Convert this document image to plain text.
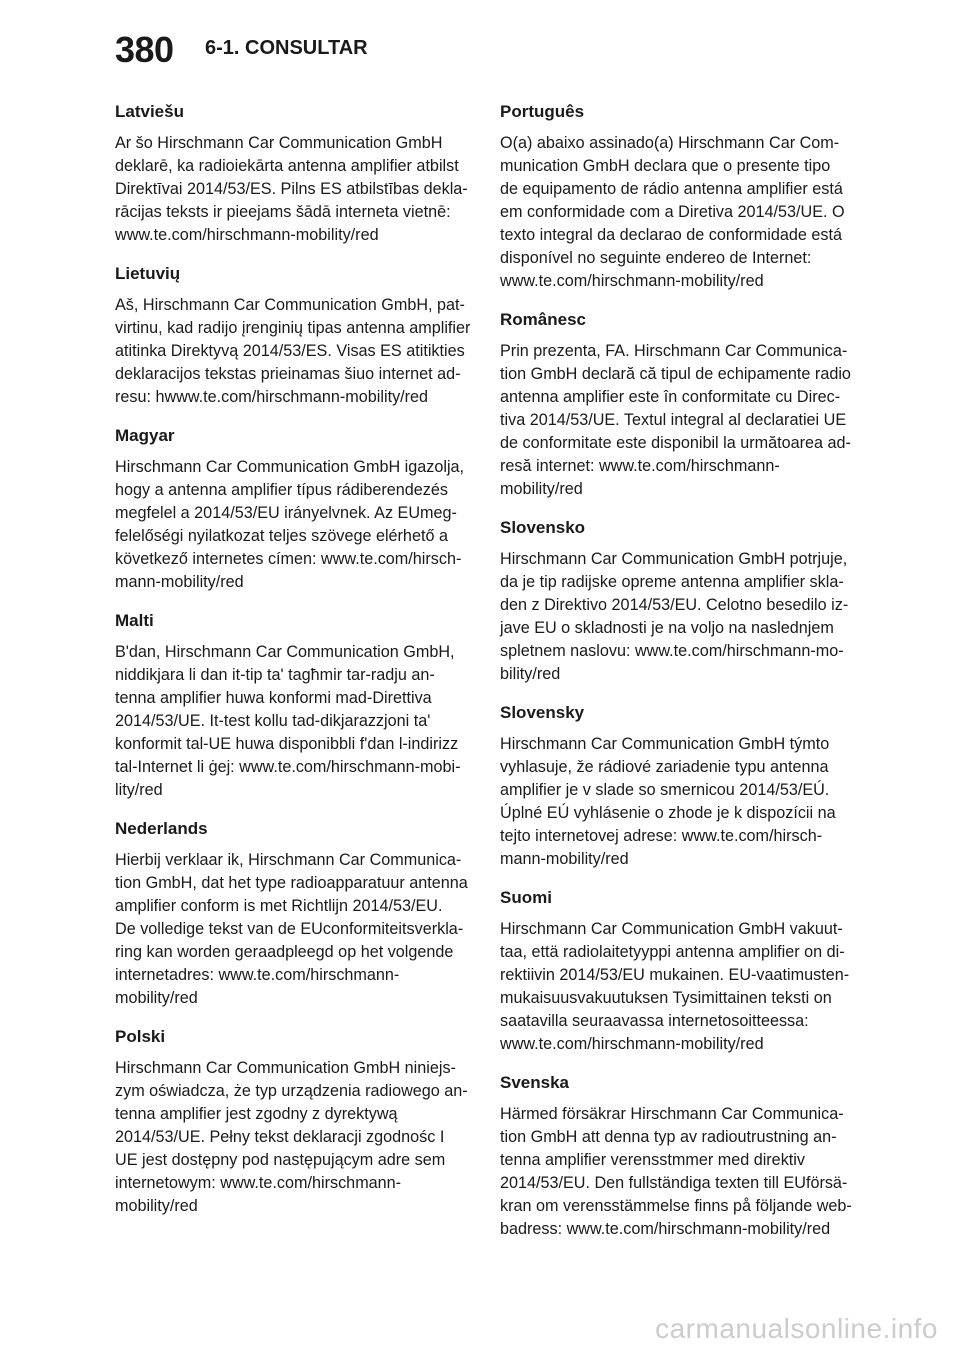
380 6-1. CONSULTAR
Latviešu
Ar šo Hirschmann Car Communication GmbH
deklarē, ka radioiekārta antenna amplifier atbilst
Direktīvai 2014/53/ES. Pilns ES atbilstības dekla-
rācijas teksts ir pieejams šādā interneta vietnē:
www.te.com/hirschmann-mobility/red
Lietuvių
Aš, Hirschmann Car Communication GmbH, pat-
virtinu, kad radijo įrenginių tipas antenna amplifier
atitinka Direktyvą 2014/53/ES. Visas ES atitikties
deklaracijos tekstas prieinamas šiuo internet ad-
resu: hwww.te.com/hirschmann-mobility/red
Magyar
Hirschmann Car Communication GmbH igazolja,
hogy a antenna amplifier típus rádiberendezés
megfelel a 2014/53/EU irányelvnek. Az EUmeg-
felelőségi nyilatkozat teljes szövege elérhető a
következő internetes címen: www.te.com/hirsch-
mann-mobility/red
Malti
B'dan, Hirschmann Car Communication GmbH,
niddikjara li dan it-tip ta' tagħmir tar-radju an-
tenna amplifier huwa konformi mad-Direttiva
2014/53/UE. It-test kollu tad-dikjarazzjoni ta'
konformit tal-UE huwa disponibbli f'dan l-indirizz
tal-Internet li ġej: www.te.com/hirschmann-mobi-
lity/red
Nederlands
Hierbij verklaar ik, Hirschmann Car Communica-
tion GmbH, dat het type radioapparatuur antenna
amplifier conform is met Richtlijn 2014/53/EU.
De volledige tekst van de EUconformiteitsverkla-
ring kan worden geraadpleegd op het volgende
internetadres: www.te.com/hirschmann-
mobility/red
Polski
Hirschmann Car Communication GmbH niniejs-
zym oświadcza, że typ urządzenia radiowego an-
tenna amplifier jest zgodny z dyrektywą
2014/53/UE. Pełny tekst deklaracji zgodnośc I
UE jest dostępny pod następującym adre sem
internetowym: www.te.com/hirschmann-
mobility/red
Português
O(a) abaixo assinado(a) Hirschmann Car Com-
munication GmbH declara que o presente tipo
de equipamento de rádio antenna amplifier está
em conformidade com a Diretiva 2014/53/UE. O
texto integral da declarao de conformidade está
disponível no seguinte endereo de Internet:
www.te.com/hirschmann-mobility/red
Românesc
Prin prezenta, FA. Hirschmann Car Communica-
tion GmbH declară că tipul de echipamente radio
antenna amplifier este în conformitate cu Direc-
tiva 2014/53/UE. Textul integral al declaratiei UE
de conformitate este disponibil la următoarea ad-
resă internet: www.te.com/hirschmann-
mobility/red
Slovensko
Hirschmann Car Communication GmbH potrjuje,
da je tip radijske opreme antenna amplifier skla-
den z Direktivo 2014/53/EU. Celotno besedilo iz-
jave EU o skladnosti je na voljo na naslednjem
spletnem naslovu: www.te.com/hirschmann-mo-
bility/red
Slovensky
Hirschmann Car Communication GmbH týmto
vyhlasuje, že rádiové zariadenie typu antenna
amplifier je v slade so smernicou 2014/53/EÚ.
Úplné EÚ vyhlásenie o zhode je k dispozícii na
tejto internetovej adrese: www.te.com/hirsch-
mann-mobility/red
Suomi
Hirschmann Car Communication GmbH vakuut-
taa, että radiolaitetyyppi antenna amplifier on di-
rektiivin 2014/53/EU mukainen. EU-vaatimusten-
mukaisuusvakuutuksen Tysimittainen teksti on
saatavilla seuraavassa internetosoitteessa:
www.te.com/hirschmann-mobility/red
Svenska
Härmed försäkrar Hirschmann Car Communica-
tion GmbH att denna typ av radioutrustning an-
tenna amplifier verensstmmer med direktiv
2014/53/EU. Den fullständiga texten till EUförsä-
kran om verensstämmelse finns på följande web-
badress: www.te.com/hirschmann-mobility/red
carmanualsonline.info
